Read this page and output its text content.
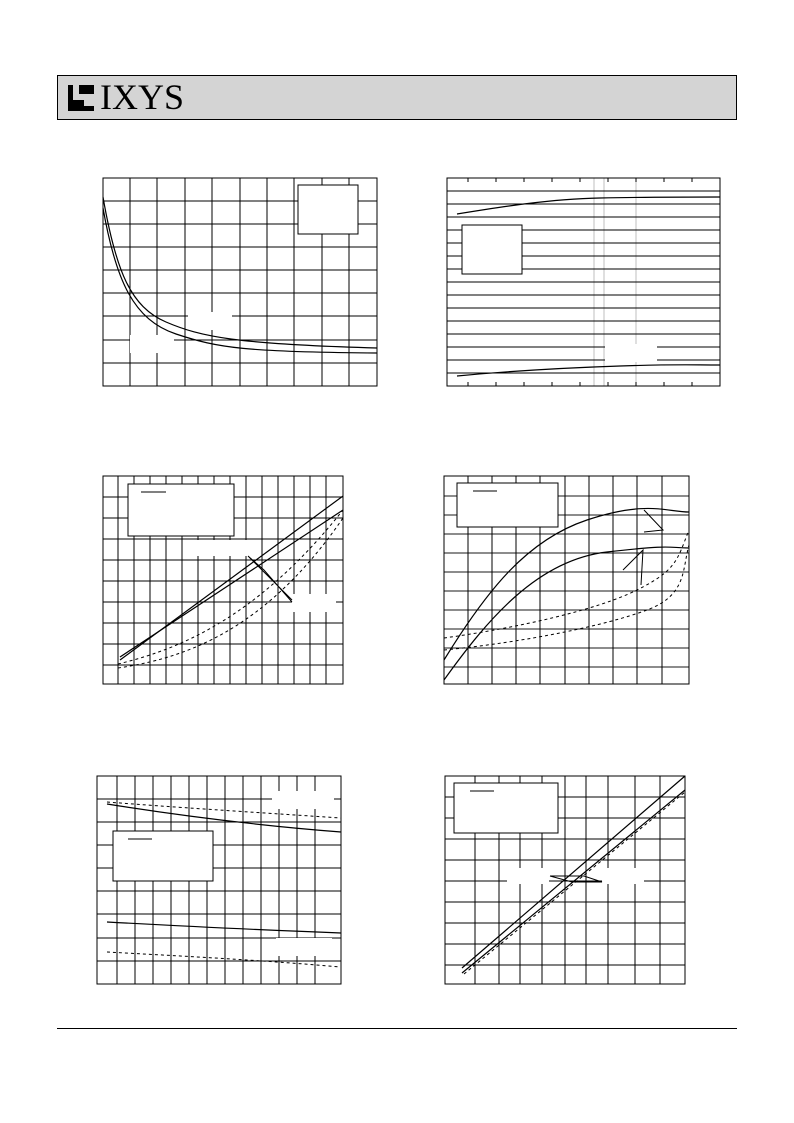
IXYS
